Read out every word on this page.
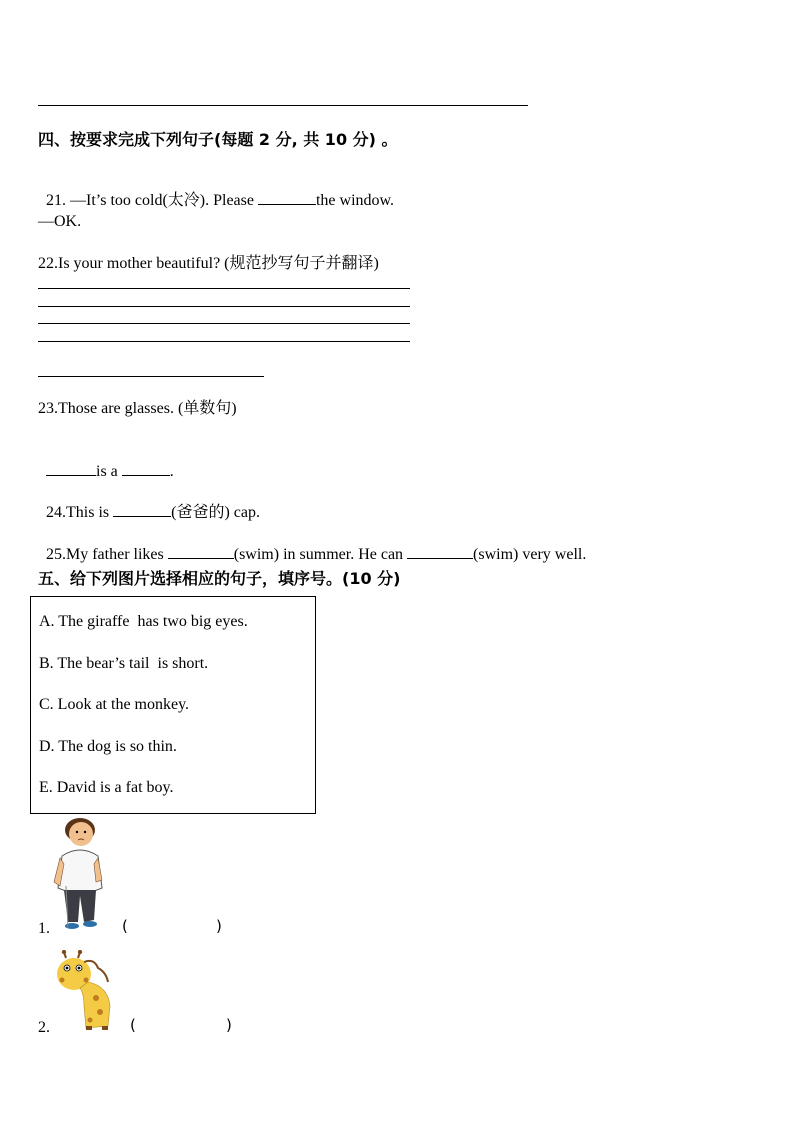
四、按要求完成下列句子(每题 2 分, 共 10 分) 。

21. —It’s too cold(太冷). Please	the window.

—OK.
22.Is your mother beautiful? (规范抄写句子并翻译)
23.Those are glasses. (单数句)

is a	.

24.This is	(爸爸的) cap.

25.My father likes	(swim) in summer. He can	(swim) very well.

五、给下列图片选择相应的句子，填序号。(10 分)
A. The giraffe  has two big eyes.
B. The bear’s tail  is short.
C. Look at the monkey.
D. The dog is so thin.
E. David is a fat boy.
1.	(	)
2.	(	)
